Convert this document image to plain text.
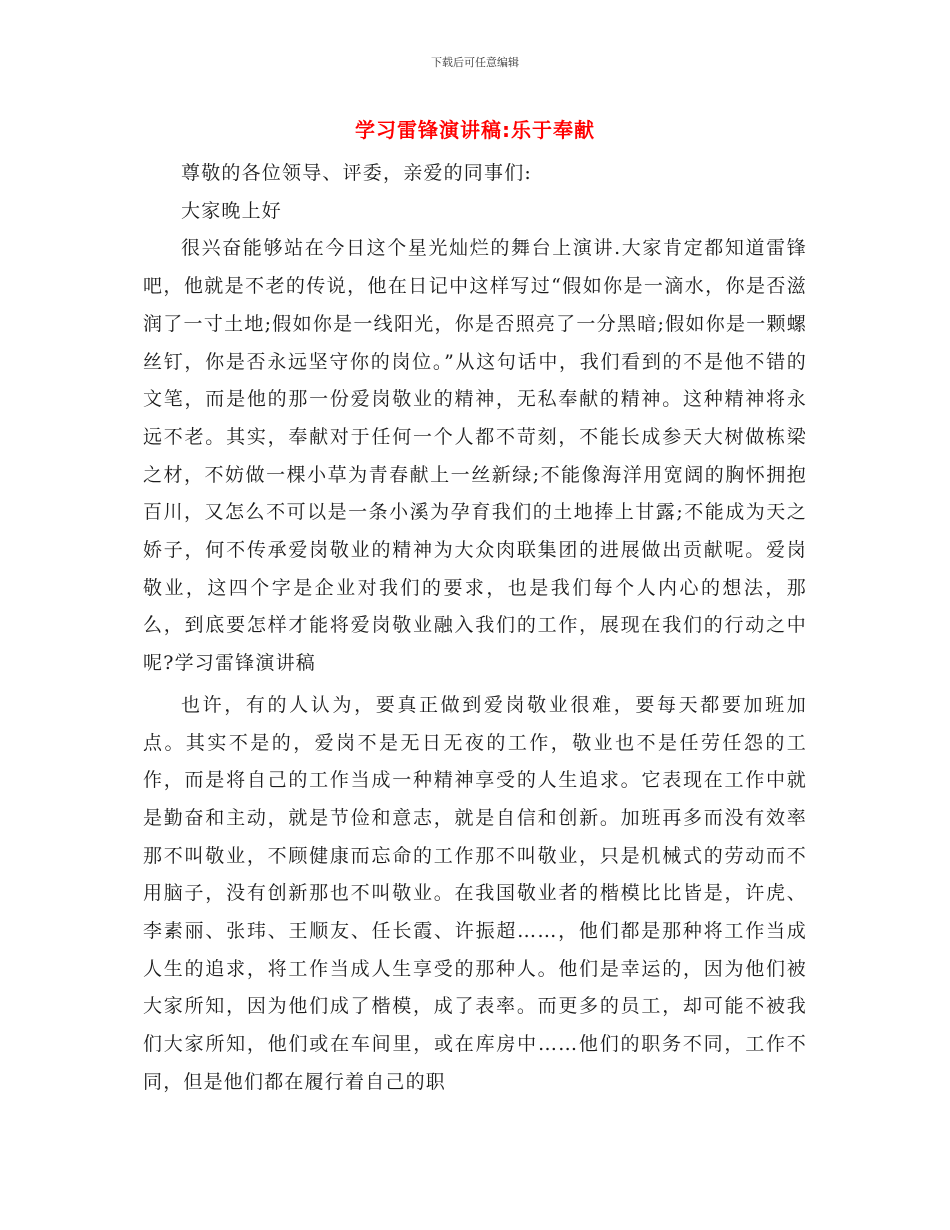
下载后可任意编辑
学习雷锋演讲稿:乐于奉献

尊敬的各位领导、评委，亲爱的同事们:

大家晚上好

很兴奋能够站在今日这个星光灿烂的舞台上演讲.大家肯定都知道雷锋吧，他就是不老的传说，他在日记中这样写过“假如你是一滴水，你是否滋润了一寸土地;假如你是一线阳光，你是否照亮了一分黑暗;假如你是一颗螺丝钉，你是否永远坚守你的岗位。”从这句话中，我们看到的不是他不错的文笔，而是他的那一份爱岗敬业的精神，无私奉献的精神。这种精神将永远不老。其实，奉献对于任何一个人都不苛刻，不能长成参天大树做栋梁之材，不妨做一棵小草为青春献上一丝新绿;不能像海洋用宽阔的胸怀拥抱百川，又怎么不可以是一条小溪为孕育我们的土地捧上甘露;不能成为天之娇子，何不传承爱岗敬业的精神为大众肉联集团的进展做出贡献呢。爱岗敬业，这四个字是企业对我们的要求，也是我们每个人内心的想法，那么，到底要怎样才能将爱岗敬业融入我们的工作，展现在我们的行动之中呢?学习雷锋演讲稿

也许，有的人认为，要真正做到爱岗敬业很难，要每天都要加班加点。其实不是的，爱岗不是无日无夜的工作，敬业也不是任劳任怨的工作，而是将自己的工作当成一种精神享受的人生追求。它表现在工作中就是勤奋和主动，就是节俭和意志，就是自信和创新。加班再多而没有效率那不叫敬业，不顾健康而忘命的工作那不叫敬业，只是机械式的劳动而不用脑子，没有创新那也不叫敬业。在我国敬业者的楷模比比皆是，许虎、李素丽、张玮、王顺友、任长霞、许振超……，他们都是那种将工作当成人生的追求，将工作当成人生享受的那种人。他们是幸运的，因为他们被大家所知，因为他们成了楷模，成了表率。而更多的员工，却可能不被我们大家所知，他们或在车间里，或在库房中……他们的职务不同，工作不同，但是他们都在履行着自己的职
